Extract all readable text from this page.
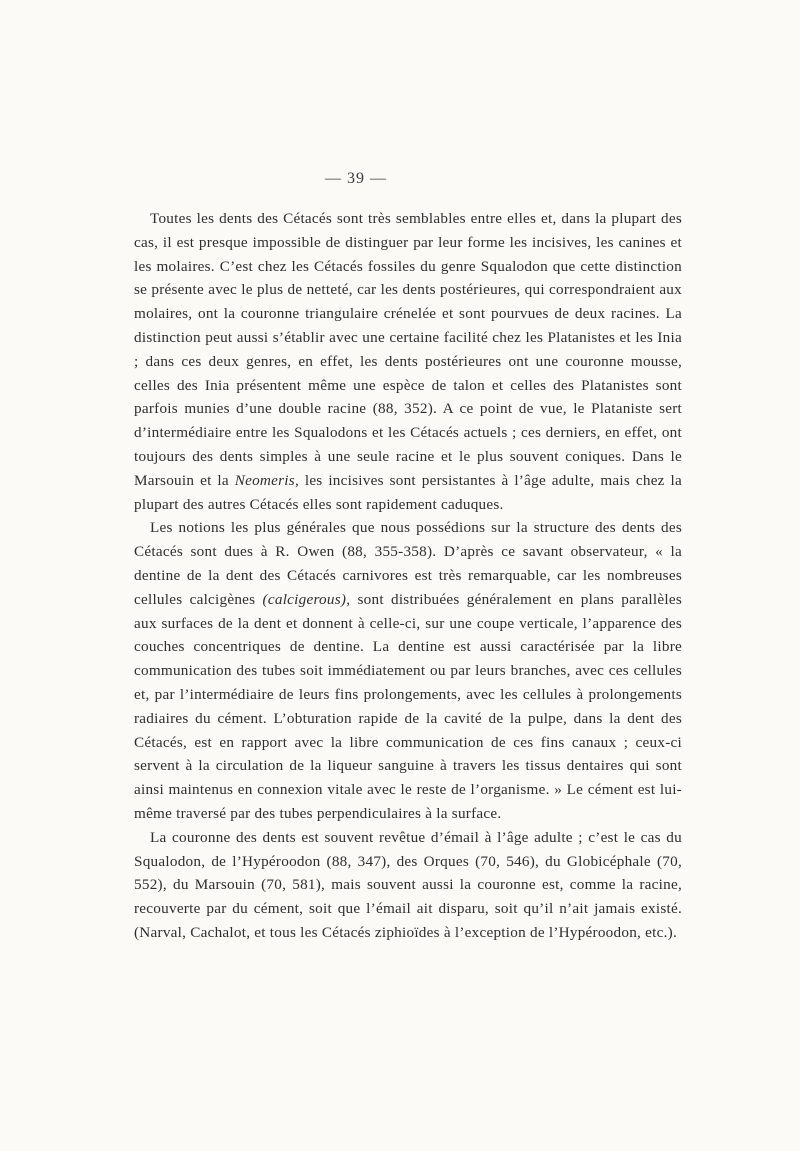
— 39 —

Toutes les dents des Cétacés sont très semblables entre elles et, dans la plupart des cas, il est presque impossible de distinguer par leur forme les incisives, les canines et les molaires. C’est chez les Cétacés fossiles du genre Squalodon que cette distinction se présente avec le plus de netteté, car les dents postérieures, qui correspondraient aux molaires, ont la couronne triangulaire crénelée et sont pourvues de deux racines. La distinction peut aussi s’établir avec une certaine facilité chez les Platanistes et les Inia ; dans ces deux genres, en effet, les dents postérieures ont une couronne mousse, celles des Inia présentent même une espèce de talon et celles des Platanistes sont parfois munies d’une double racine (88, 352). A ce point de vue, le Plataniste sert d’intermédiaire entre les Squalodons et les Cétacés actuels ; ces derniers, en effet, ont toujours des dents simples à une seule racine et le plus souvent coniques. Dans le Marsouin et la Neomeris, les incisives sont persistantes à l’âge adulte, mais chez la plupart des autres Cétacés elles sont rapidement caduques.

Les notions les plus générales que nous possédions sur la structure des dents des Cétacés sont dues à R. Owen (88, 355-358). D’après ce savant observateur, « la dentine de la dent des Cétacés carnivores est très remarquable, car les nombreuses cellules calcigènes (calcigerous), sont distribuées généralement en plans parallèles aux surfaces de la dent et donnent à celle-ci, sur une coupe verticale, l’apparence des couches concentriques de dentine. La dentine est aussi caractérisée par la libre communication des tubes soit immédiatement ou par leurs branches, avec ces cellules et, par l’intermédiaire de leurs fins prolongements, avec les cellules à prolongements radiaires du cément. L’obturation rapide de la cavité de la pulpe, dans la dent des Cétacés, est en rapport avec la libre communication de ces fins canaux ; ceux-ci servent à la circulation de la liqueur sanguine à travers les tissus dentaires qui sont ainsi maintenus en connexion vitale avec le reste de l’organisme. » Le cément est lui-même traversé par des tubes perpendiculaires à la surface.

La couronne des dents est souvent revêtue d’émail à l’âge adulte ; c’est le cas du Squalodon, de l’Hypéroodon (88, 347), des Orques (70, 546), du Globicéphale (70, 552), du Marsouin (70, 581), mais souvent aussi la couronne est, comme la racine, recouverte par du cément, soit que l’émail ait disparu, soit qu’il n’ait jamais existé. (Narval, Cachalot, et tous les Cétacés ziphioïdes à l’exception de l’Hypéroodon, etc.).
